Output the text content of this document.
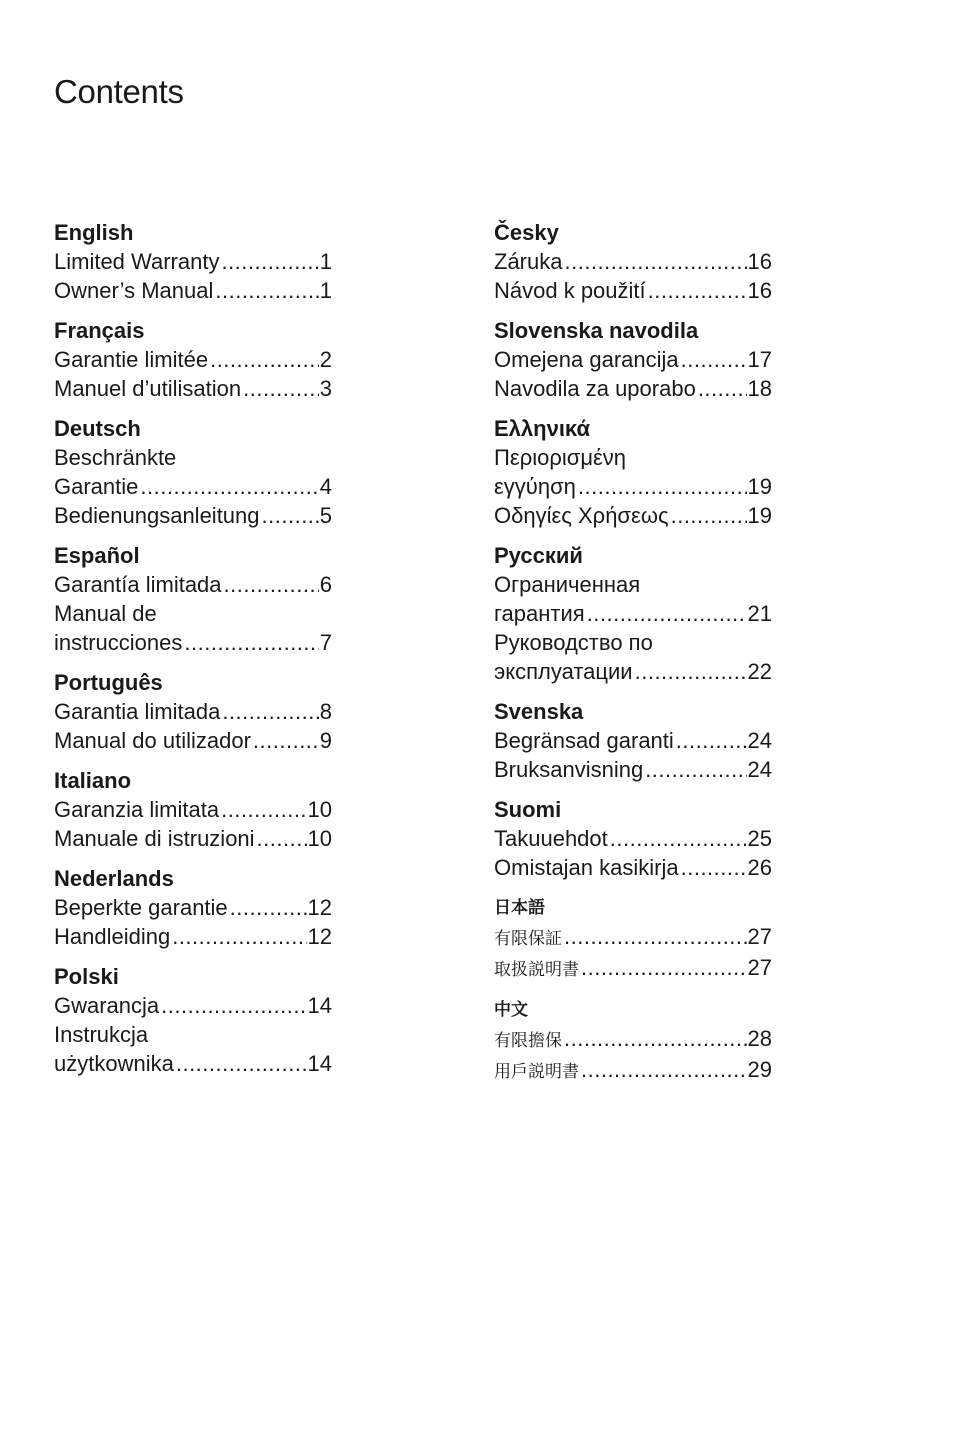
Contents
English
Limited Warranty .....	1
Owner’s Manual .....	1
Français
Garantie limitée .....	2
Manuel d’utilisation .....	3
Deutsch
Beschränkte
Garantie .....	4
Bedienungsanleitung .....	5
Español
Garantía limitada .....	6
Manual de
instrucciones .....	7
Português
Garantia limitada .....	8
Manual do utilizador .....	9
Italiano
Garanzia limitata .....	10
Manuale di istruzioni ..... 10
Nederlands
Beperkte garantie .....	12
Handleiding .....	12
Polski
Gwarancja .....	14
Instrukcja
użytkownika .....	14
Česky
Záruka .....	16
Návod k použití .....	16
Slovenska navodila
Omejena garancija .....	17
Navodila za uporabo ..... 18
Ελληνικά
Περιορισμένη
εγγύηση .....	19
Οδηγίες Χρήσεως .....	19
Русский
Ограниченная
гарантия .....	21
Руководство по
эксплуатации .....	22
Svenska
Begränsad garanti .....	24
Bruksanvisning .....	24
Suomi
Takuuehdot .....	25
Omistajan kasikirja .....	26
日本語
有限保証 .....	27
取扱説明書 .....	27
中文
有限擔保 .....	28
用戶説明書 .....	29
